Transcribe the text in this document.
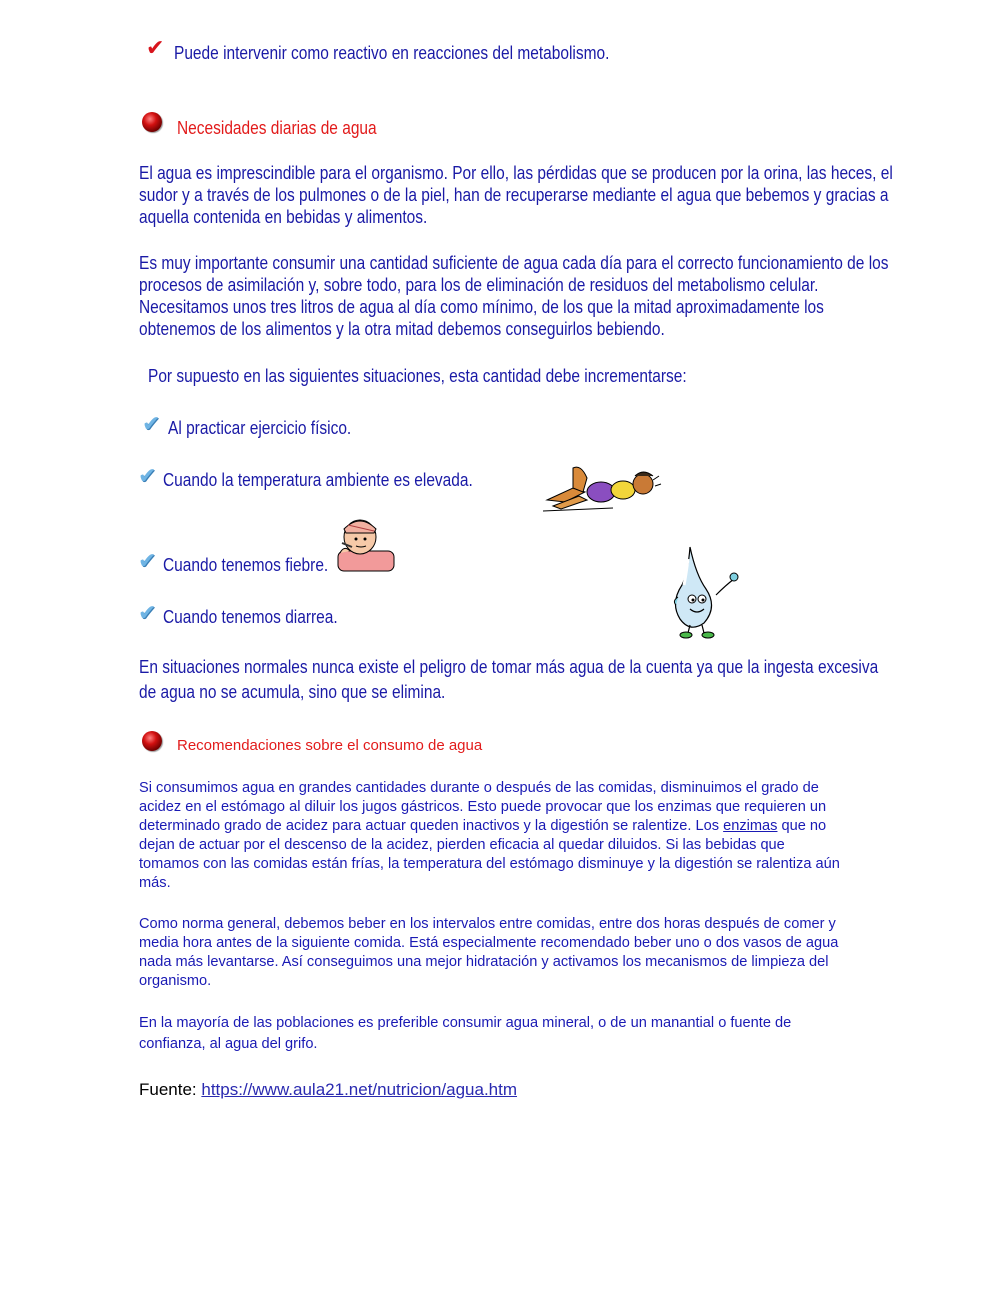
✔ Puede intervenir como reactivo en reacciones del metabolismo.
Necesidades diarias de agua
El agua es imprescindible para el organismo. Por ello, las pérdidas que se producen por la orina, las heces, el
sudor y a través de los pulmones o de la piel, han de recuperarse mediante el agua que bebemos y gracias a
aquella contenida en bebidas y alimentos.
Es muy importante consumir una cantidad suficiente de agua cada día para el correcto funcionamiento de los
procesos de asimilación y, sobre todo, para los de eliminación de residuos del metabolismo celular.
Necesitamos unos tres litros de agua al día como mínimo, de los que la mitad aproximadamente los
obtenemos de los alimentos y la otra mitad debemos conseguirlos bebiendo.
Por supuesto en las siguientes situaciones, esta cantidad debe incrementarse:
✔ Al practicar ejercicio físico.
✔ Cuando la temperatura ambiente es elevada.
✔ Cuando tenemos fiebre.
✔ Cuando tenemos diarrea.
En situaciones normales nunca existe el peligro de tomar más agua de la cuenta ya que la ingesta excesiva
de agua no se acumula, sino que se elimina.
Recomendaciones sobre el consumo de agua
Si consumimos agua en grandes cantidades durante o después de las comidas, disminuimos el grado de
acidez en el estómago al diluir los jugos gástricos. Esto puede provocar que los enzimas que requieren un
determinado grado de acidez para actuar queden inactivos y la digestión se ralentize. Los enzimas que no
dejan de actuar por el descenso de la acidez, pierden eficacia al quedar diluidos. Si las bebidas que
tomamos con las comidas están frías, la temperatura del estómago disminuye y la digestión se ralentiza aún
más.
Como norma general, debemos beber en los intervalos entre comidas, entre dos horas después de comer y
media hora antes de la siguiente comida. Está especialmente recomendado beber uno o dos vasos de agua
nada más levantarse. Así conseguimos una mejor hidratación y activamos los mecanismos de limpieza del
organismo.
En la mayoría de las poblaciones es preferible consumir agua mineral, o de un manantial o fuente de
confianza, al agua del grifo.
Fuente: https://www.aula21.net/nutricion/agua.htm
